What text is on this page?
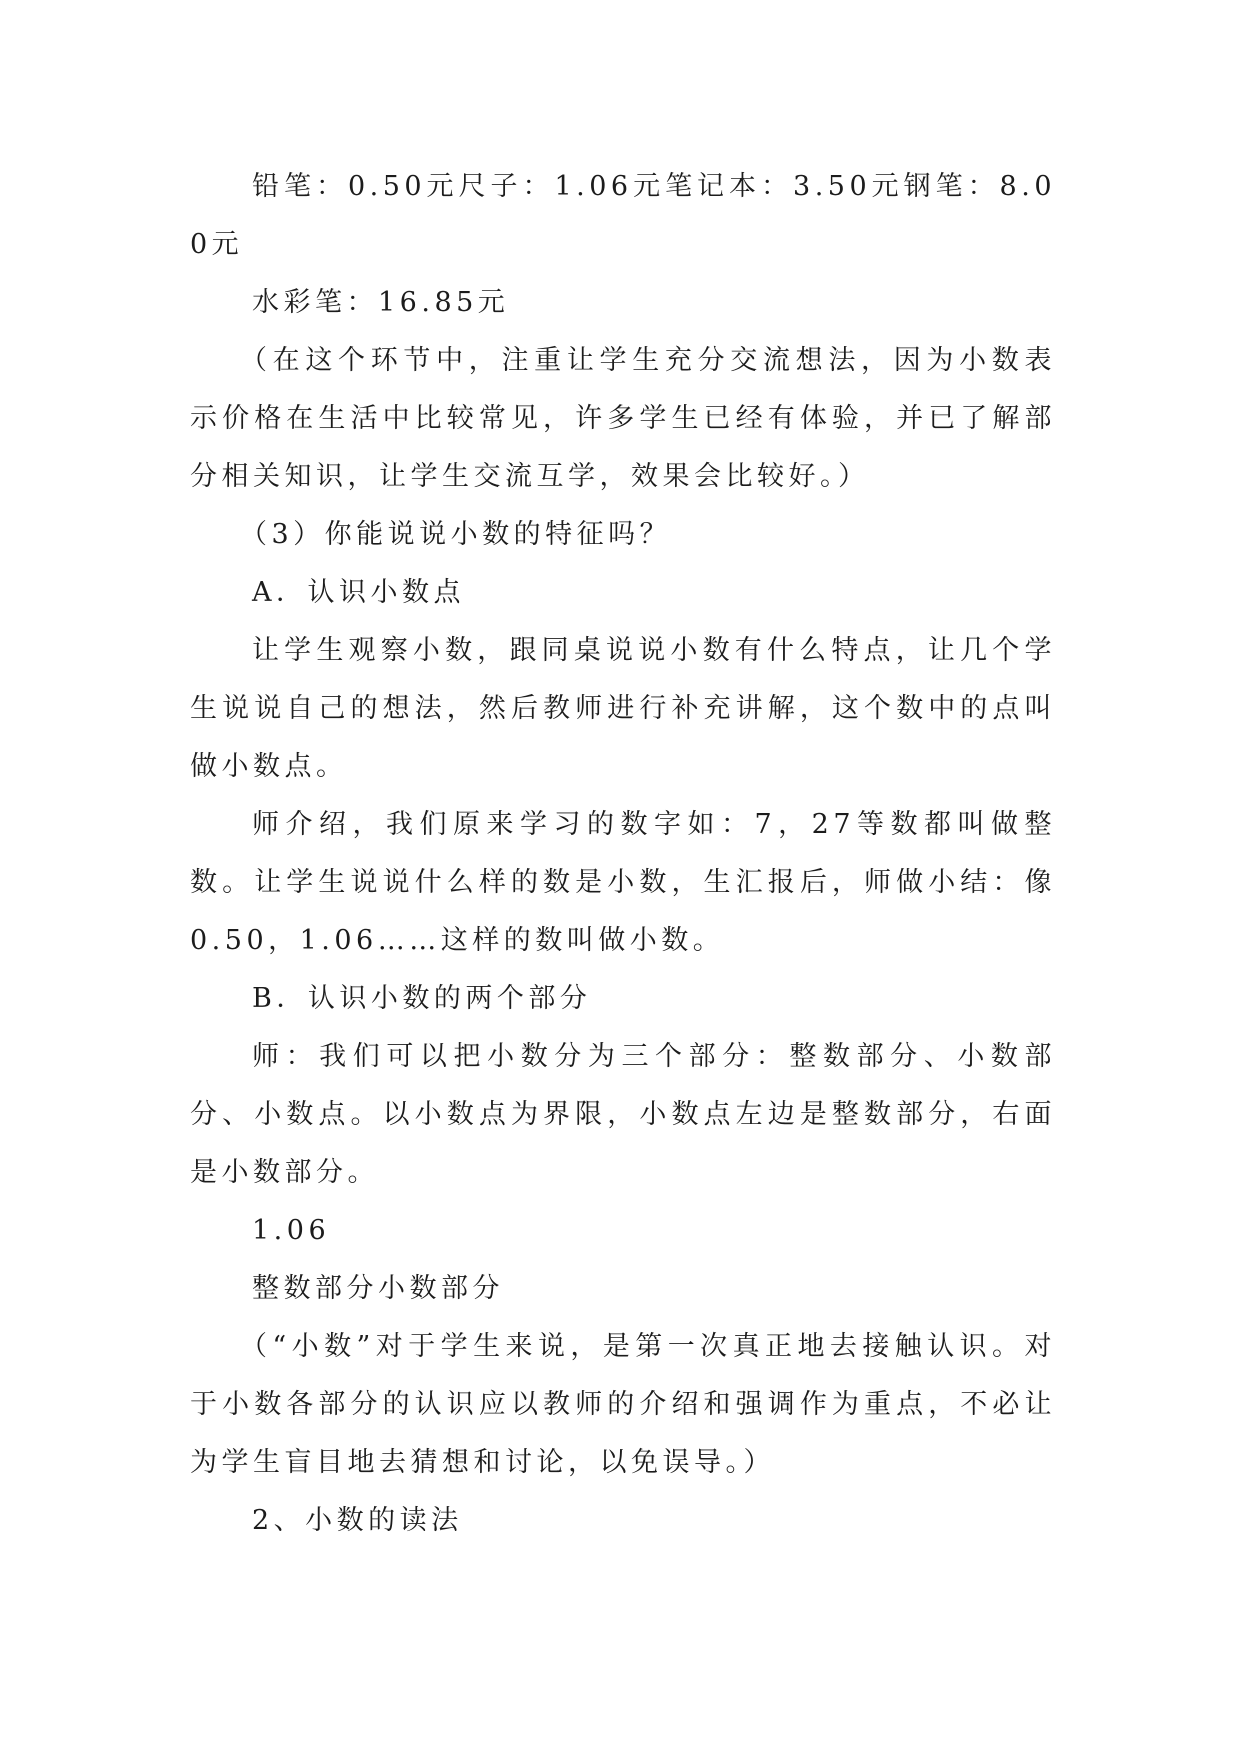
铅笔：0.50元尺子：1.06元笔记本：3.50元钢笔：8.00元

水彩笔：16.85元

（在这个环节中，注重让学生充分交流想法，因为小数表示价格在生活中比较常见，许多学生已经有体验，并已了解部分相关知识，让学生交流互学，效果会比较好。）

（3）你能说说小数的特征吗？

A．认识小数点

让学生观察小数，跟同桌说说小数有什么特点，让几个学生说说自己的想法，然后教师进行补充讲解，这个数中的点叫做小数点。

师介绍，我们原来学习的数字如：7，27等数都叫做整数。让学生说说什么样的数是小数，生汇报后，师做小结：像0.50，1.06……这样的数叫做小数。

B．认识小数的两个部分

师：我们可以把小数分为三个部分：整数部分、小数部分、小数点。以小数点为界限，小数点左边是整数部分，右面是小数部分。

1.06

整数部分小数部分

（“小数”对于学生来说，是第一次真正地去接触认识。对于小数各部分的认识应以教师的介绍和强调作为重点，不必让为学生盲目地去猜想和讨论，以免误导。）

2、小数的读法
